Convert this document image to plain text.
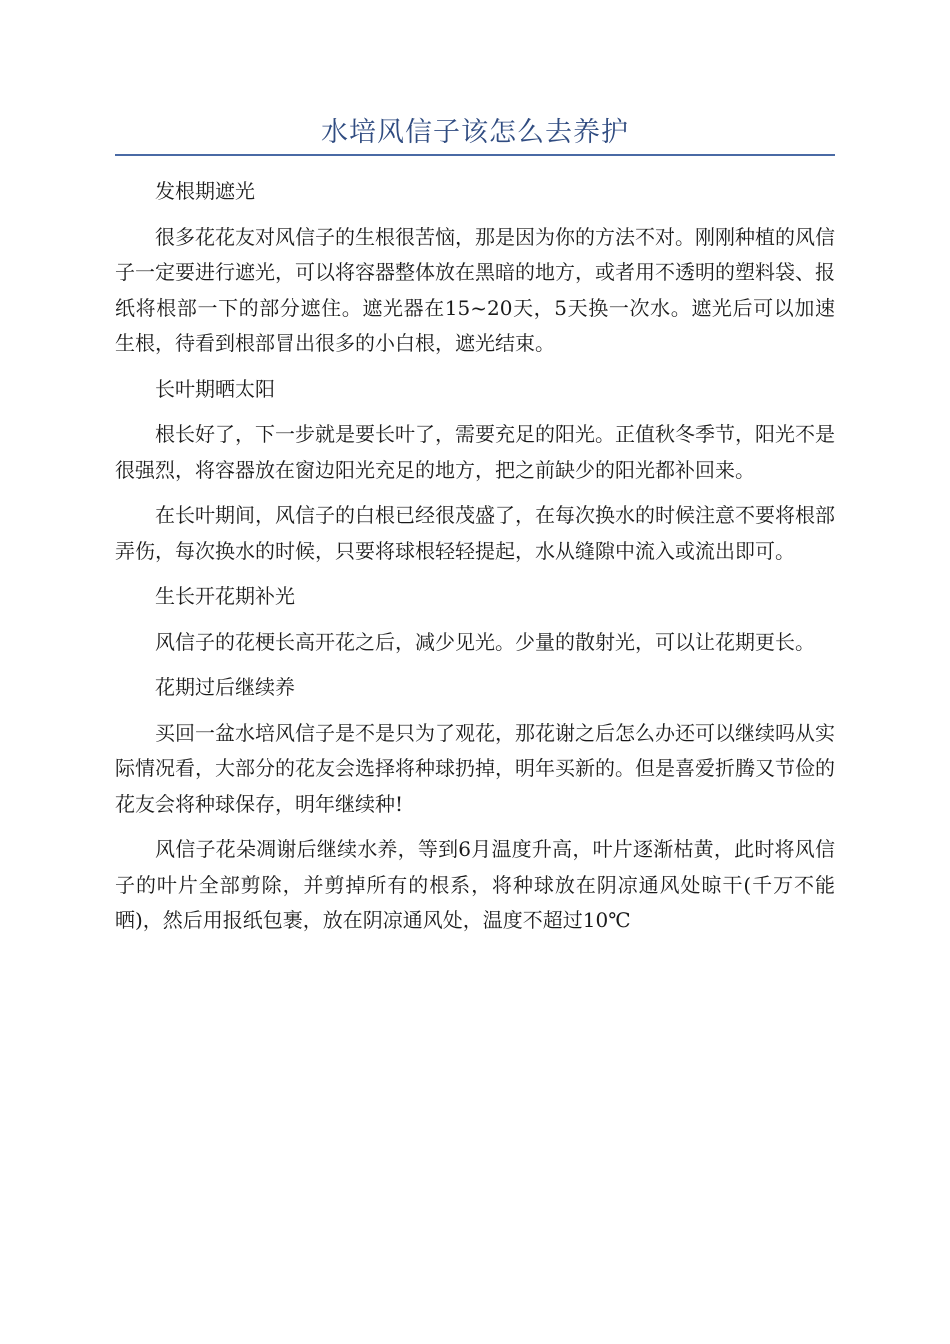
水培风信子该怎么去养护

发根期遮光

很多花花友对风信子的生根很苦恼，那是因为你的方法不对。刚刚种植的风信子一定要进行遮光，可以将容器整体放在黑暗的地方，或者用不透明的塑料袋、报纸将根部一下的部分遮住。遮光器在15~20天，5天换一次水。遮光后可以加速生根，待看到根部冒出很多的小白根，遮光结束。

长叶期晒太阳

根长好了，下一步就是要长叶了，需要充足的阳光。正值秋冬季节，阳光不是很强烈，将容器放在窗边阳光充足的地方，把之前缺少的阳光都补回来。

在长叶期间，风信子的白根已经很茂盛了，在每次换水的时候注意不要将根部弄伤，每次换水的时候，只要将球根轻轻提起，水从缝隙中流入或流出即可。

生长开花期补光

风信子的花梗长高开花之后，减少见光。少量的散射光，可以让花期更长。

花期过后继续养

买回一盆水培风信子是不是只为了观花，那花谢之后怎么办还可以继续吗从实际情况看，大部分的花友会选择将种球扔掉，明年买新的。但是喜爱折腾又节俭的花友会将种球保存，明年继续种!

风信子花朵凋谢后继续水养，等到6月温度升高，叶片逐渐枯黄，此时将风信子的叶片全部剪除，并剪掉所有的根系，将种球放在阴凉通风处晾干(千万不能晒)，然后用报纸包裹，放在阴凉通风处，温度不超过10℃
